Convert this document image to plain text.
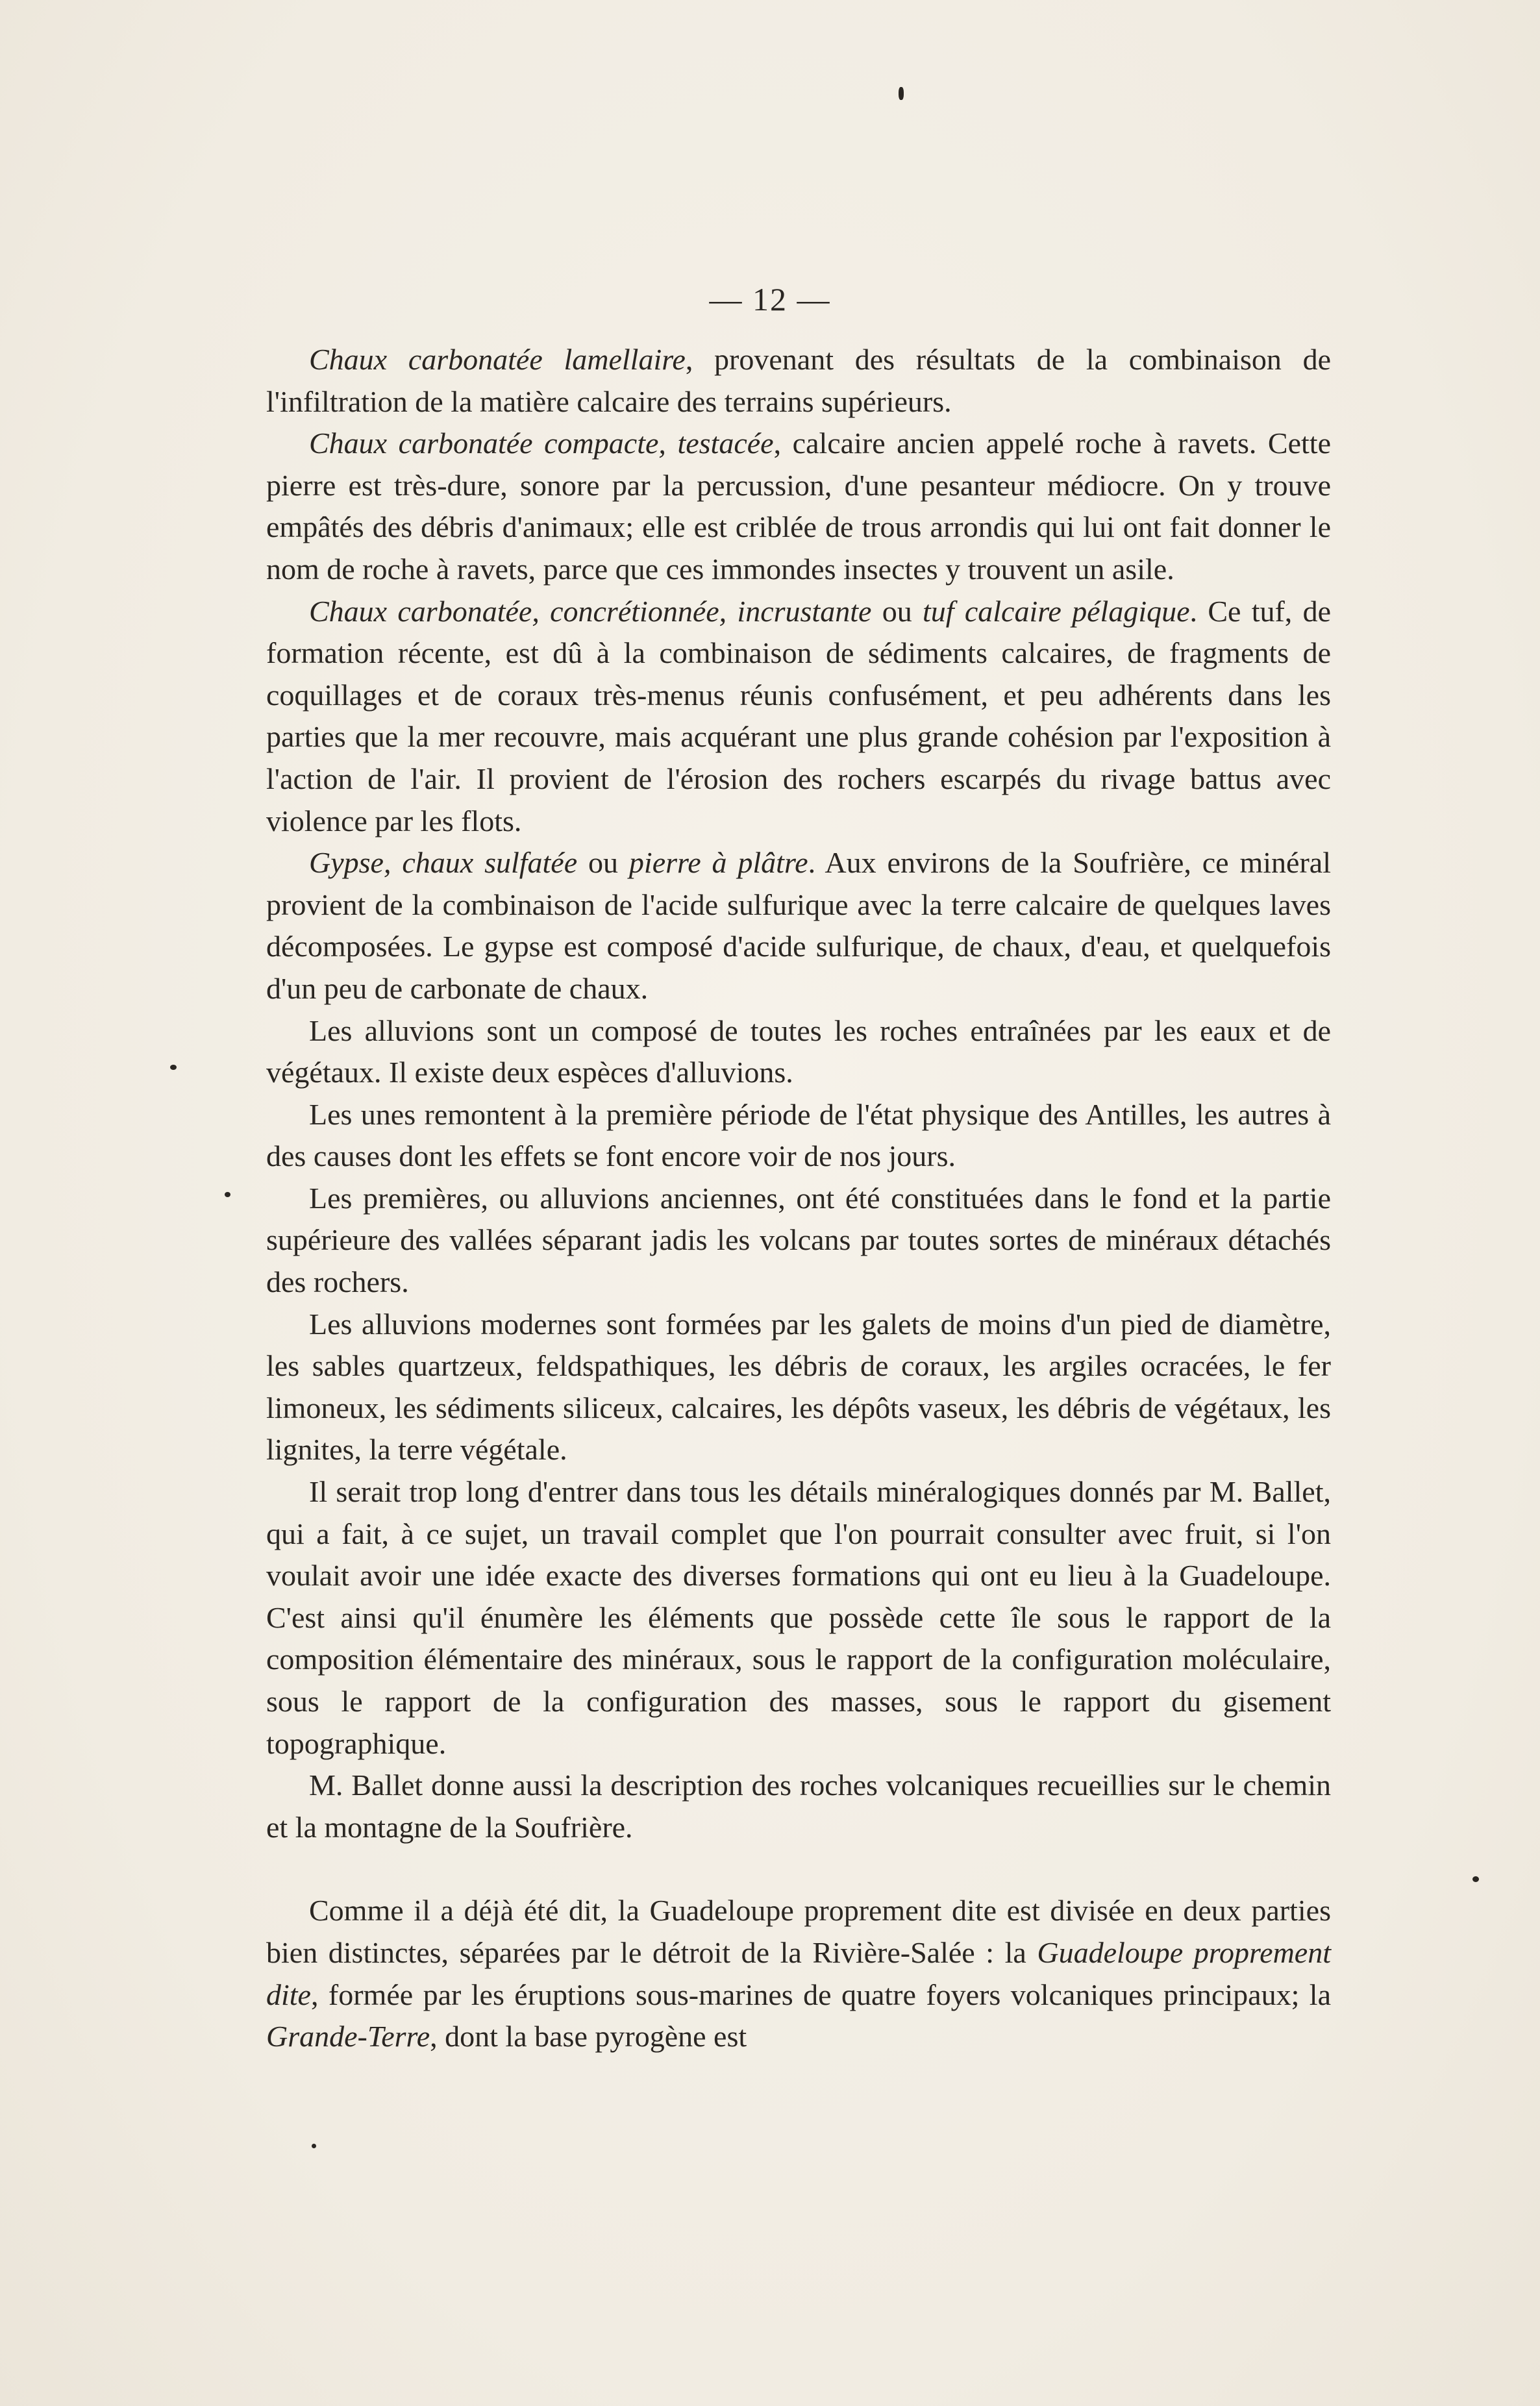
— 12 —

Chaux carbonatée lamellaire, provenant des résultats de la combinaison de l'infiltration de la matière calcaire des terrains supérieurs.

Chaux carbonatée compacte, testacée, calcaire ancien appelé roche à ravets. Cette pierre est très-dure, sonore par la percussion, d'une pesanteur médiocre. On y trouve empâtés des débris d'animaux; elle est criblée de trous arrondis qui lui ont fait donner le nom de roche à ravets, parce que ces immondes insectes y trouvent un asile.

Chaux carbonatée, concrétionnée, incrustante ou tuf calcaire pélagique. Ce tuf, de formation récente, est dû à la combinaison de sédiments calcaires, de fragments de coquillages et de coraux très-menus réunis confusément, et peu adhérents dans les parties que la mer recouvre, mais acquérant une plus grande cohésion par l'exposition à l'action de l'air. Il provient de l'érosion des rochers escarpés du rivage battus avec violence par les flots.

Gypse, chaux sulfatée ou pierre à plâtre. Aux environs de la Soufrière, ce minéral provient de la combinaison de l'acide sulfurique avec la terre calcaire de quelques laves décomposées. Le gypse est composé d'acide sulfurique, de chaux, d'eau, et quelquefois d'un peu de carbonate de chaux.

Les alluvions sont un composé de toutes les roches entraînées par les eaux et de végétaux. Il existe deux espèces d'alluvions.

Les unes remontent à la première période de l'état physique des Antilles, les autres à des causes dont les effets se font encore voir de nos jours.

Les premières, ou alluvions anciennes, ont été constituées dans le fond et la partie supérieure des vallées séparant jadis les volcans par toutes sortes de minéraux détachés des rochers.

Les alluvions modernes sont formées par les galets de moins d'un pied de diamètre, les sables quartzeux, feldspathiques, les débris de coraux, les argiles ocracées, le fer limoneux, les sédiments siliceux, calcaires, les dépôts vaseux, les débris de végétaux, les lignites, la terre végétale.

Il serait trop long d'entrer dans tous les détails minéralogiques donnés par M. Ballet, qui a fait, à ce sujet, un travail complet que l'on pourrait consulter avec fruit, si l'on voulait avoir une idée exacte des diverses formations qui ont eu lieu à la Guadeloupe. C'est ainsi qu'il énumère les éléments que possède cette île sous le rapport de la composition élémentaire des minéraux, sous le rapport de la configuration moléculaire, sous le rapport de la configuration des masses, sous le rapport du gisement topographique.

M. Ballet donne aussi la description des roches volcaniques recueillies sur le chemin et la montagne de la Soufrière.

Comme il a déjà été dit, la Guadeloupe proprement dite est divisée en deux parties bien distinctes, séparées par le détroit de la Rivière-Salée : la Guadeloupe proprement dite, formée par les éruptions sous-marines de quatre foyers volcaniques principaux; la Grande-Terre, dont la base pyrogène est
